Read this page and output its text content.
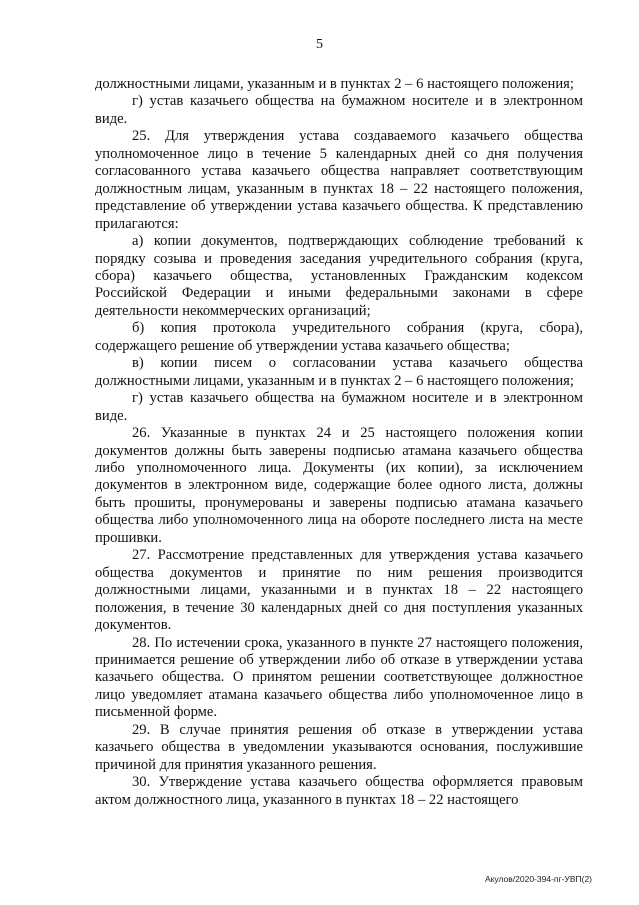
5

должностными лицами, указанным и в пунктах 2 – 6 настоящего положения;

г) устав казачьего общества на бумажном носителе и в электронном виде.

25. Для утверждения устава создаваемого казачьего общества уполномоченное лицо в течение 5 календарных дней со дня получения согласованного устава казачьего общества направляет соответствующим должностным лицам, указанным в пунктах 18 – 22 настоящего положения, представление об утверждении устава казачьего общества. К представлению прилагаются:

а) копии документов, подтверждающих соблюдение требований к порядку созыва и проведения заседания учредительного собрания (круга, сбора) казачьего общества, установленных Гражданским кодексом Российской Федерации и иными федеральными законами в сфере деятельности некоммерческих организаций;

б) копия протокола учредительного собрания (круга, сбора), содержащего решение об утверждении устава казачьего общества;

в) копии писем о согласовании устава казачьего общества должностными лицами, указанным и в пунктах 2 – 6 настоящего положения;

г) устав казачьего общества на бумажном носителе и в электронном виде.

26. Указанные в пунктах 24 и 25 настоящего положения копии документов должны быть заверены подписью атамана казачьего общества либо уполномоченного лица. Документы (их копии), за исключением документов в электронном виде, содержащие более одного листа, должны быть прошиты, пронумерованы и заверены подписью атамана казачьего общества либо уполномоченного лица на обороте последнего листа на месте прошивки.

27. Рассмотрение представленных для утверждения устава казачьего общества документов и принятие по ним решения производится должностными лицами, указанными и в пунктах 18 – 22 настоящего положения, в течение 30 календарных дней со дня поступления указанных документов.

28. По истечении срока, указанного в пункте 27 настоящего положения, принимается решение об утверждении либо об отказе в утверждении устава казачьего общества. О принятом решении соответствующее должностное лицо уведомляет атамана казачьего общества либо уполномоченное лицо в письменной форме.

29. В случае принятия решения об отказе в утверждении устава казачьего общества в уведомлении указываются основания, послужившие причиной для принятия указанного решения.

30. Утверждение устава казачьего общества оформляется правовым актом должностного лица, указанного в пунктах 18 – 22 настоящего

Акулов/2020-394-пг-УВП(2)
